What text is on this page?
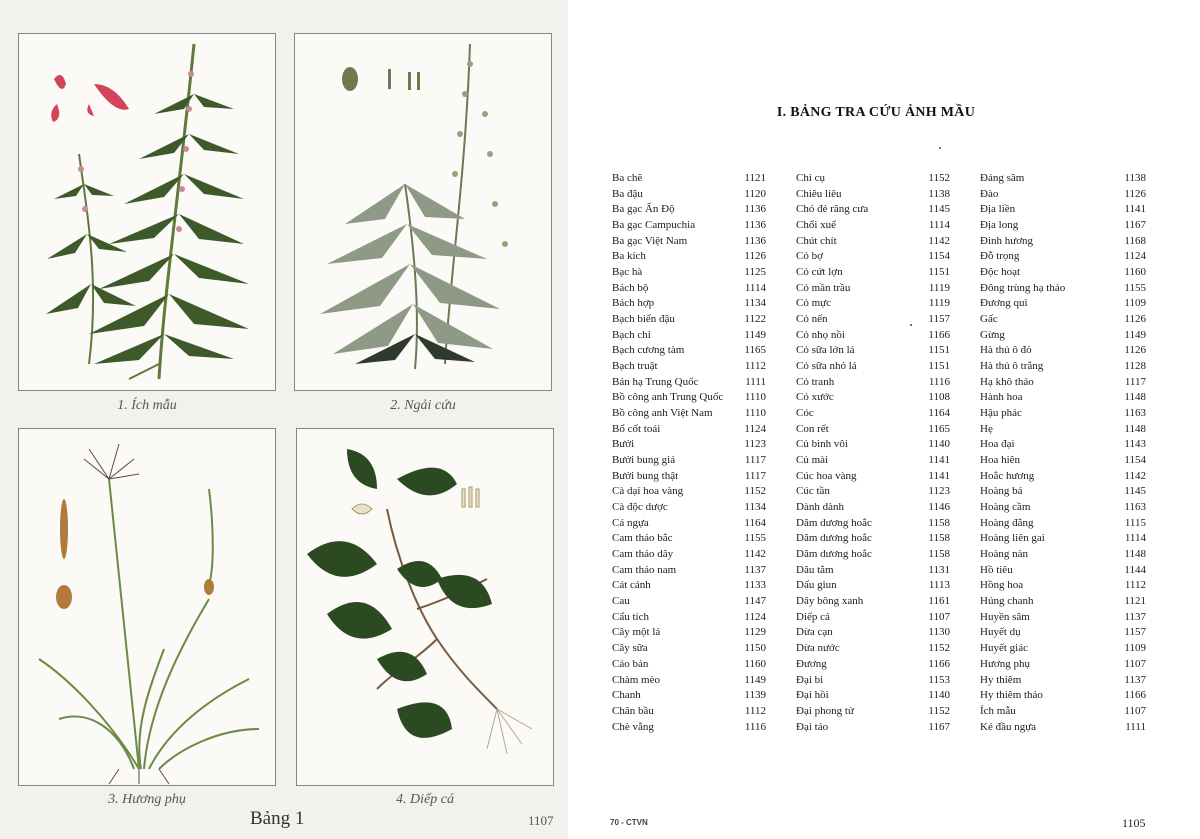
1. Ích mẫu	2. Ngải cứu
3. Hương phụ	4. Diếp cá
Bảng 1	1107
I. BẢNG TRA CỨU ẢNH MẦU
Ba chẽ	1121
Ba đậu	1120
Ba gạc Ấn Độ	1136
Ba gạc Campuchia	1136
Ba gạc Việt Nam	1136
Ba kích	1126
Bạc hà	1125
Bách bộ	1114
Bách hợp	1134
Bạch biển đậu	1122
Bạch chỉ	1149
Bạch cương tàm	1165
Bạch truật	1112
Bán hạ Trung Quốc	1111
Bồ công anh Trung Quốc 1110
Bồ công anh Việt Nam	1110
Bổ cốt toái	1124
Bưởi	1123
Bưởi bung giả	1117
Bưởi bung thật	1117
Cà dại hoa vàng	1152
Cà độc dược	1134
Cá ngựa	1164
Cam thảo bắc	1155
Cam thảo dây	1142
Cam thảo nam	1137
Cát cánh	1133
Cau	1147
Cẩu tích	1124
Cây một lá	1129
Cây sữa	1150
Cáo bản	1160
Chàm mèo	1149
Chanh	1139
Chân bầu	1112
Chè vằng	1116
Chỉ cụ	1152
Chiêu liêu	1138
Chó đẻ răng cưa	1145
Chổi xuể	1114
Chút chít	1142
Cỏ bợ	1154
Cỏ cứt lợn	1151
Cỏ mần trầu	1119
Cỏ mực	1119
Cỏ nến	1157
Cỏ nhọ nồi	1166
Cỏ sữa lớn lá	1151
Cỏ sữa nhỏ lá	1151
Cỏ tranh	1116
Cỏ xước	1108
Cóc	1164
Con rết	1165
Củ bình vôi	1140
Củ mài	1141
Cúc hoa vàng	1141
Cúc tần	1123
Dành dành	1146
Dâm dương hoắc	1158
Dâm dương hoắc	1158
Dâm dương hoắc	1158
Dâu tằm	1131
Dấu giun	1113
Dây bông xanh	1161
Diếp cá	1107
Dừa cạn	1130
Dừa nước	1152
Đương	1166
Đại bi	1153
Đại hồi	1140
Đại phong tử	1152
Đại táo	1167
Đảng sâm	1138
Đào	1126
Địa liền	1141
Địa long	1167
Đinh hương	1168
Đỗ trọng	1124
Độc hoạt	1160
Đông trùng hạ thảo	1155
Đương qui	1109
Gấc	1126
Gừng	1149
Hà thủ ô đỏ	1126
Hà thủ ô trắng	1128
Hạ khô thảo	1117
Hành hoa	1148
Hậu phác	1163
Hẹ	1148
Hoa đại	1143
Hoa hiên	1154
Hoắc hương	1142
Hoàng bá	1145
Hoàng cầm	1163
Hoàng đằng	1115
Hoàng liên gai	1114
Hoàng nàn	1148
Hồ tiêu	1144
Hồng hoa	1112
Húng chanh	1121
Huyền sâm	1137
Huyết dụ	1157
Huyết giác	1109
Hương phụ	1107
Hy thiêm	1137
Hy thiêm thảo	1166
Ích mẫu	1107
Ké đầu ngựa	1111
70 - CTVN	1105
